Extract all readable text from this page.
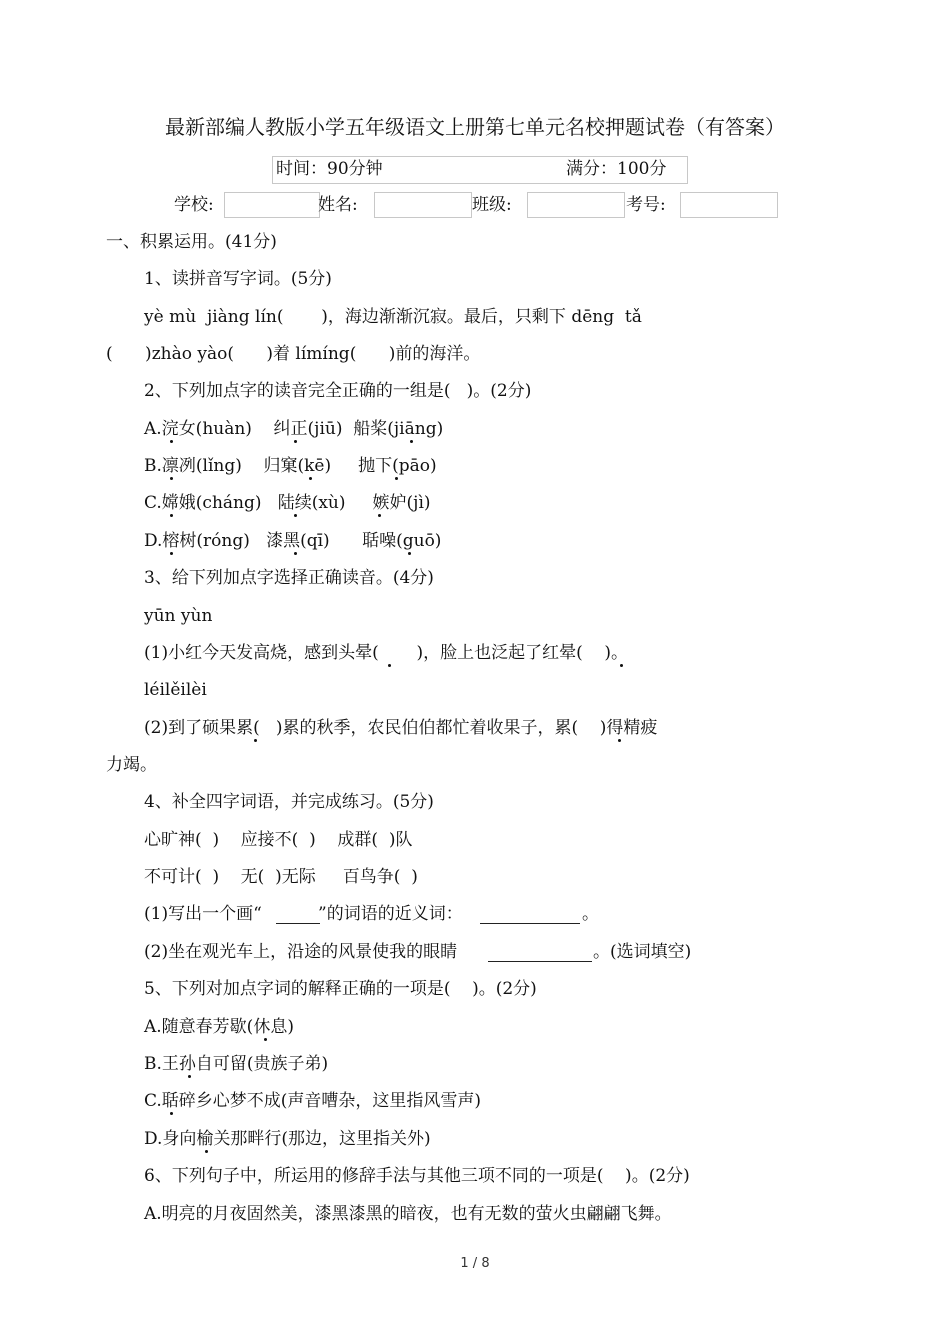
最新部编人教版小学五年级语文上册第七单元名校押题试卷（有答案）
时间：90分钟	满分：100分
学校:	姓名:	班级:	考号:
一、积累运用。(41分)
1、读拼音写字词。(5分)
yè mù  jiàng lín(       )，海边渐渐沉寂。最后，只剩下 dēng  tǎ
(      )zhào yào(      )着 límíng(      )前的海洋。
2、下列加点字的读音完全正确的一组是(   )。(2分)
A.浣女(huàn)    纠正(jiū)  船桨(jiāng)
B.凛冽(lǐng)    归窠(kē)     抛下(pāo)
C.嫦娥(cháng)   陆续(xù)     嫉妒(jì)
D.榕树(róng)   漆黑(qī)      聒噪(guō)
3、给下列加点字选择正确读音。(4分)
yūn yùn
(1)小红今天发高烧，感到头晕(       )，脸上也泛起了红晕(    )。
léilěilèi
(2)到了硕果累(   )累的秋季，农民伯伯都忙着收果子，累(    )得精疲
力竭。
4、补全四字词语，并完成练习。(5分)
心旷神(  )    应接不(  )    成群(  )队
不可计(  )    无(  )无际     百鸟争(  )
(1)写出一个画“	”的词语的近义词：	。
(2)坐在观光车上，沿途的风景使我的眼睛	。(选词填空)
5、下列对加点字词的解释正确的一项是(    )。(2分)
A.随意春芳歇(休息)
B.王孙自可留(贵族子弟)
C.聒碎乡心梦不成(声音嘈杂，这里指风雪声)
D.身向榆关那畔行(那边，这里指关外)
6、下列句子中，所运用的修辞手法与其他三项不同的一项是(    )。(2分)
A.明亮的月夜固然美，漆黑漆黑的暗夜，也有无数的萤火虫翩翩飞舞。
1 / 8
